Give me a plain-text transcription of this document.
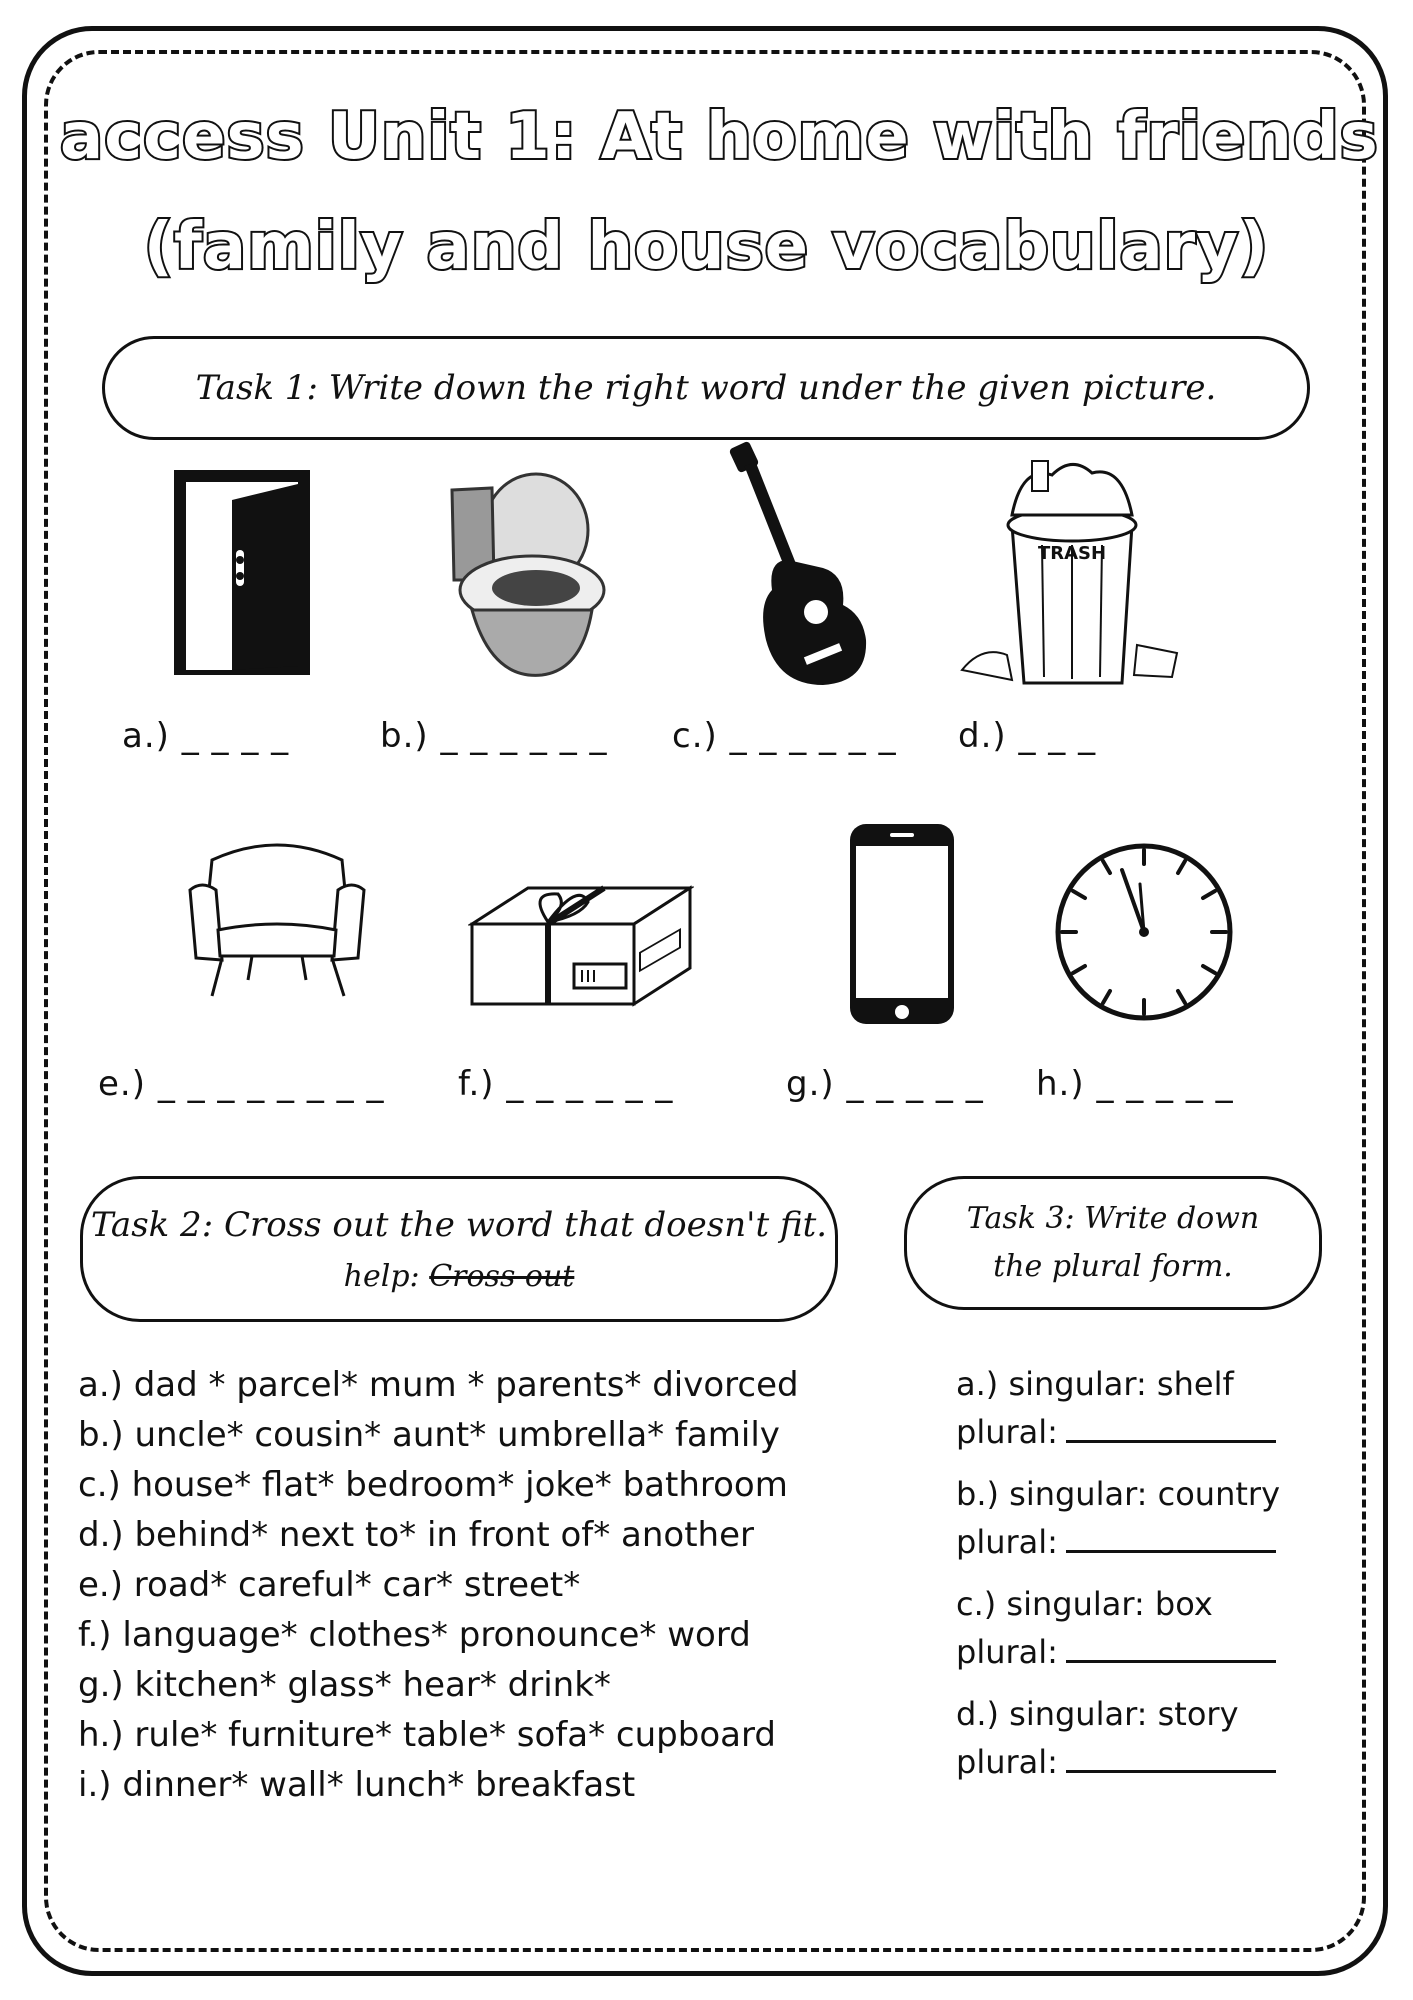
access Unit 1: At home with friends
(family and house vocabulary)
Task 1: Write down the right word under the given picture.
TRASH
a.) _ _ _ _	b.) _ _ _ _ _ _ c.) _ _ _ _ _ _ d.) _ _ _
e.) _ _ _ _ _ _ _ _ f.) _ _ _ _ _ _	g.) _ _ _ _ _ h.) _ _ _ _ _
Task 2: Cross out the word that doesn't fit.
help: Cross out
a.) dad * parcel* mum * parents* divorced
b.) uncle* cousin* aunt* umbrella* family
c.) house* flat* bedroom* joke* bathroom
d.) behind* next to* in front of* another
e.) road* careful* car* street*
f.) language* clothes* pronounce* word
g.) kitchen* glass* hear* drink*
h.) rule* furniture* table* sofa* cupboard
i.) dinner* wall* lunch* breakfast
Task 3: Write down
the plural form.
a.) singular: shelf
plural:
b.) singular: country
plural:
c.) singular: box
plural:
d.) singular: story
plural:
